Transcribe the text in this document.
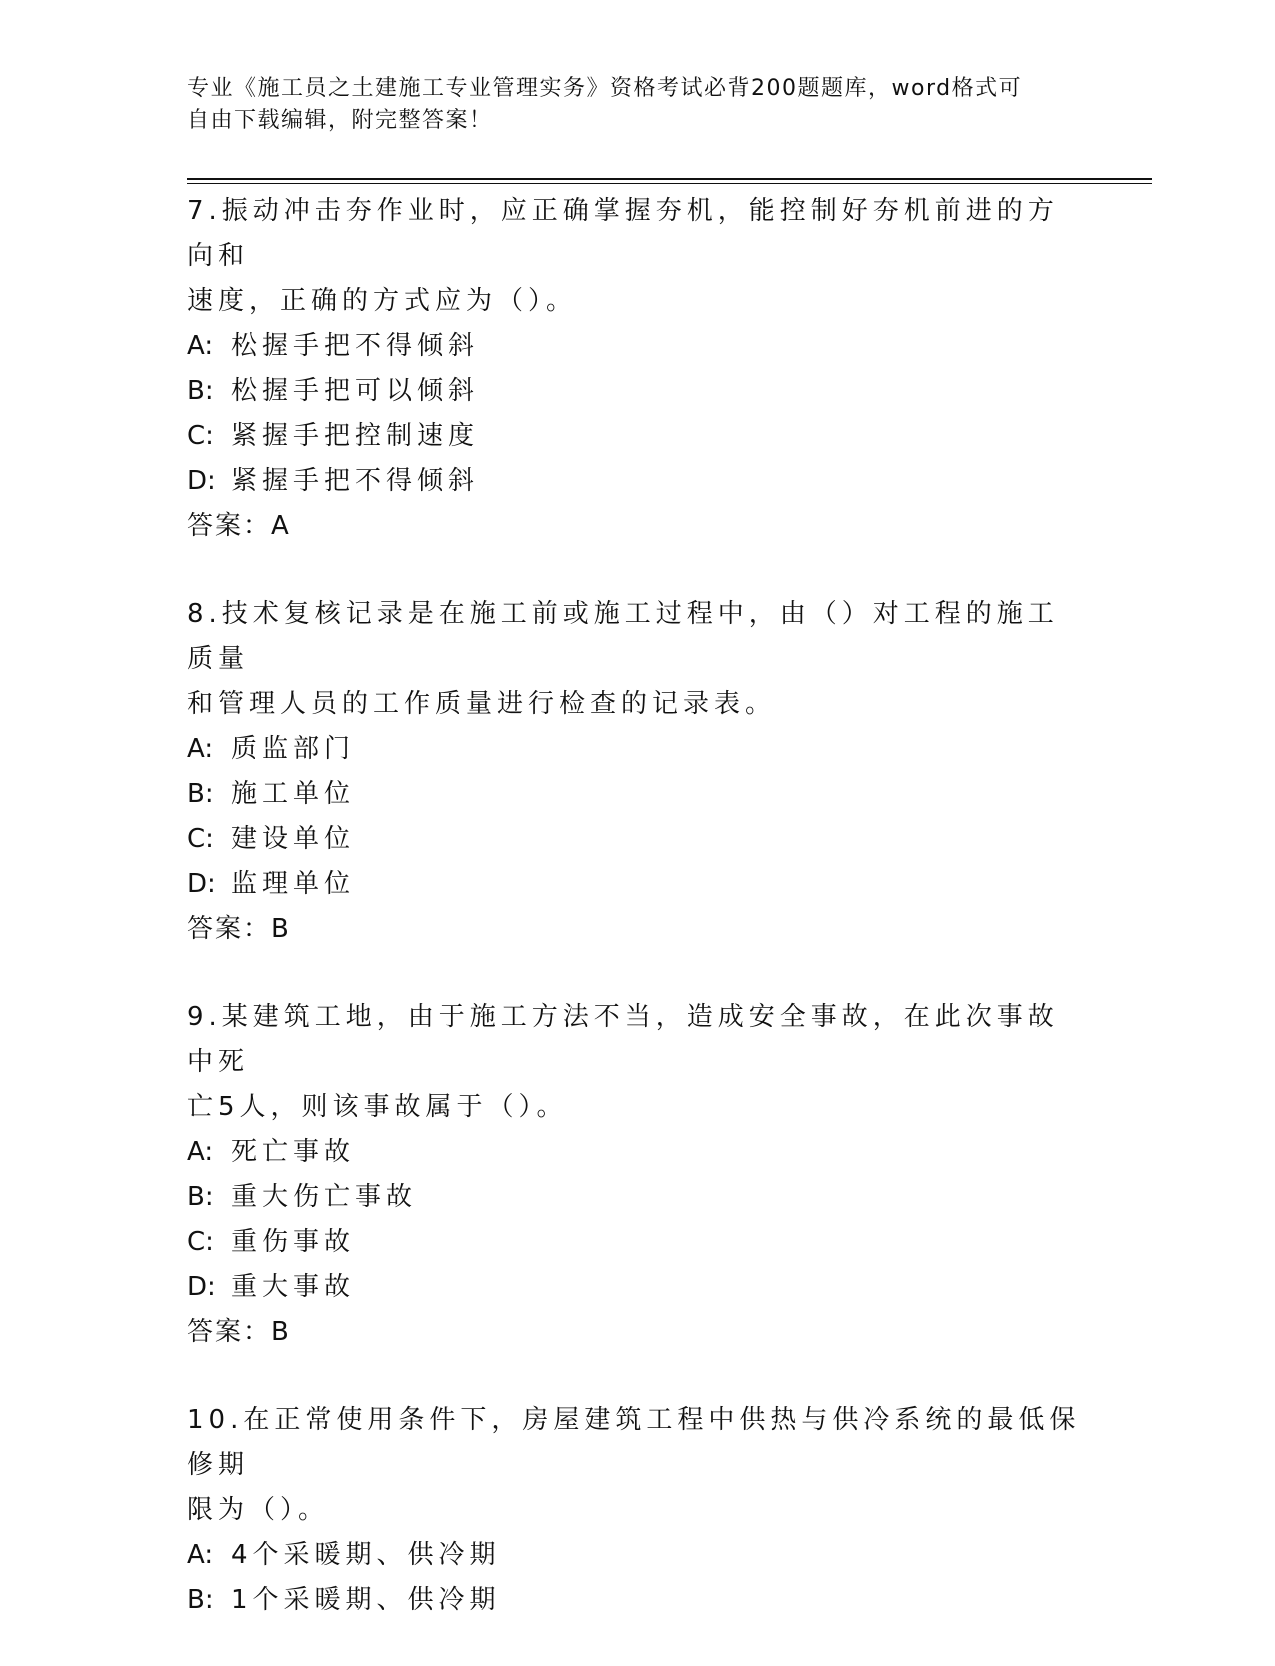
专业《施工员之土建施工专业管理实务》资格考试必背200题题库，word格式可
自由下载编辑，附完整答案！

7.振动冲击夯作业时，应正确掌握夯机，能控制好夯机前进的方向和

速度，正确的方式应为（）。

A: 松握手把不得倾斜

B: 松握手把可以倾斜

C: 紧握手把控制速度

D: 紧握手把不得倾斜

答案：A

8.技术复核记录是在施工前或施工过程中，由（）对工程的施工质量

和管理人员的工作质量进行检查的记录表。

A: 质监部门

B: 施工单位

C: 建设单位

D: 监理单位

答案：B

9.某建筑工地，由于施工方法不当，造成安全事故，在此次事故中死

亡5人，则该事故属于（）。

A: 死亡事故

B: 重大伤亡事故

C: 重伤事故

D: 重大事故

答案：B

10.在正常使用条件下，房屋建筑工程中供热与供冷系统的最低保修期

限为（）。

A: 4个采暖期、供冷期

B: 1个采暖期、供冷期
